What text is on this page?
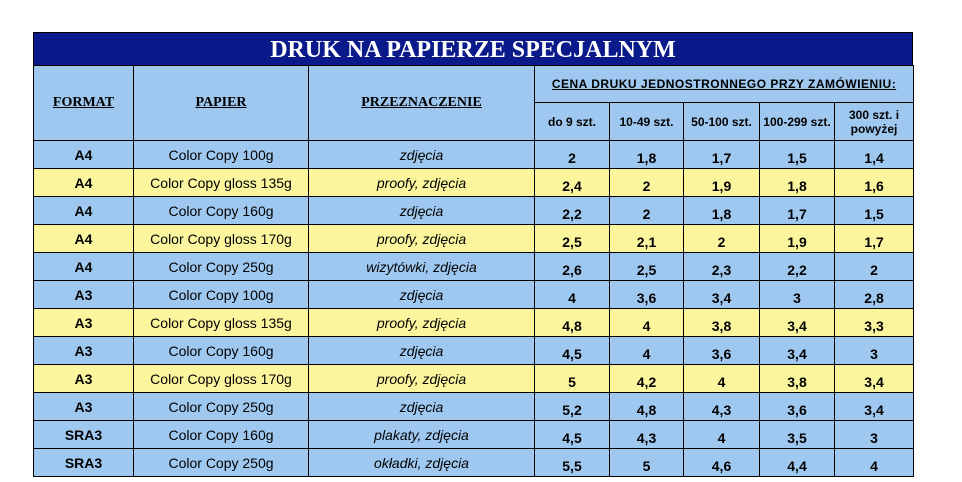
DRUK NA PAPIERZE SPECJALNYM
FORMAT	PAPIER	PRZEZNACZENIE	CENA DRUKU JEDNOSTRONNEGO PRZY ZAMÓWIENIU:				
			do 9 szt.	10-49 szt.	50-100 szt.	100-299 szt.	300 szt. i powyżej
A4	Color Copy 100g	zdjęcia	2	1,8	1,7	1,5	1,4
A4	Color Copy gloss 135g	proofy, zdjęcia	2,4	2	1,9	1,8	1,6
A4	Color Copy 160g	zdjęcia	2,2	2	1,8	1,7	1,5
A4	Color Copy gloss 170g	proofy, zdjęcia	2,5	2,1	2	1,9	1,7
A4	Color Copy 250g	wizytówki, zdjęcia	2,6	2,5	2,3	2,2	2
A3	Color Copy 100g	zdjęcia	4	3,6	3,4	3	2,8
A3	Color Copy gloss 135g	proofy, zdjęcia	4,8	4	3,8	3,4	3,3
A3	Color Copy 160g	zdjęcia	4,5	4	3,6	3,4	3
A3	Color Copy gloss 170g	proofy, zdjęcia	5	4,2	4	3,8	3,4
A3	Color Copy 250g	zdjęcia	5,2	4,8	4,3	3,6	3,4
SRA3	Color Copy 160g	plakaty, zdjęcia	4,5	4,3	4	3,5	3
SRA3	Color Copy 250g	okładki, zdjęcia	5,5	5	4,6	4,4	4
